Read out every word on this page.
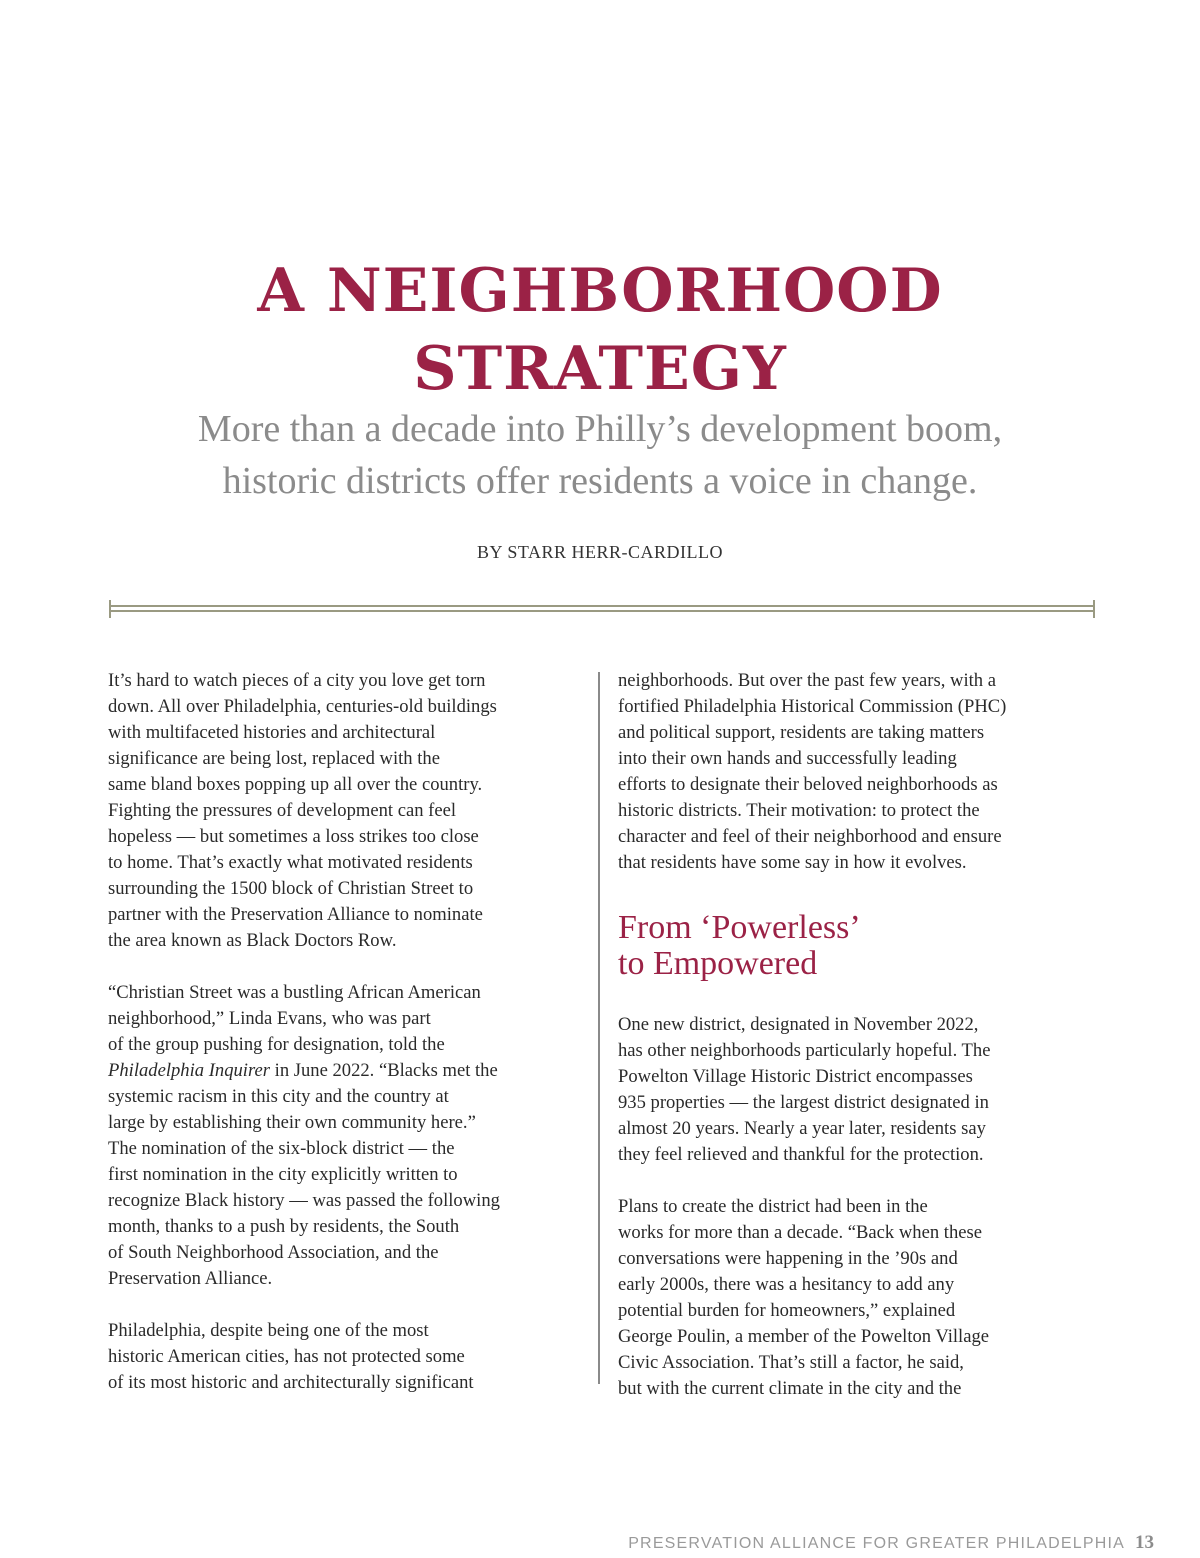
A NEIGHBORHOOD
STRATEGY
More than a decade into Philly’s development boom,
historic districts offer residents a voice in change.
BY STARR HERR-CARDILLO
It’s hard to watch pieces of a city you love get torn
down. All over Philadelphia, centuries-old buildings
with multifaceted histories and architectural
significance are being lost, replaced with the
same bland boxes popping up all over the country.
Fighting the pressures of development can feel
hopeless — but sometimes a loss strikes too close
to home. That’s exactly what motivated residents
surrounding the 1500 block of Christian Street to
partner with the Preservation Alliance to nominate
the area known as Black Doctors Row.
“Christian Street was a bustling African American
neighborhood,” Linda Evans, who was part
of the group pushing for designation, told the
Philadelphia Inquirer in June 2022. “Blacks met the
systemic racism in this city and the country at
large by establishing their own community here.”
The nomination of the six-block district — the
first nomination in the city explicitly written to
recognize Black history — was passed the following
month, thanks to a push by residents, the South
of South Neighborhood Association, and the
Preservation Alliance.
Philadelphia, despite being one of the most
historic American cities, has not protected some
of its most historic and architecturally significant
neighborhoods. But over the past few years, with a
fortified Philadelphia Historical Commission (PHC)
and political support, residents are taking matters
into their own hands and successfully leading
efforts to designate their beloved neighborhoods as
historic districts. Their motivation: to protect the
character and feel of their neighborhood and ensure
that residents have some say in how it evolves.
From ‘Powerless’
to Empowered
One new district, designated in November 2022,
has other neighborhoods particularly hopeful. The
Powelton Village Historic District encompasses
935 properties — the largest district designated in
almost 20 years. Nearly a year later, residents say
they feel relieved and thankful for the protection.
Plans to create the district had been in the
works for more than a decade. “Back when these
conversations were happening in the ’90s and
early 2000s, there was a hesitancy to add any
potential burden for homeowners,” explained
George Poulin, a member of the Powelton Village
Civic Association. That’s still a factor, he said,
but with the current climate in the city and the
PRESERVATION ALLIANCE FOR GREATER PHILADELPHIA 13
